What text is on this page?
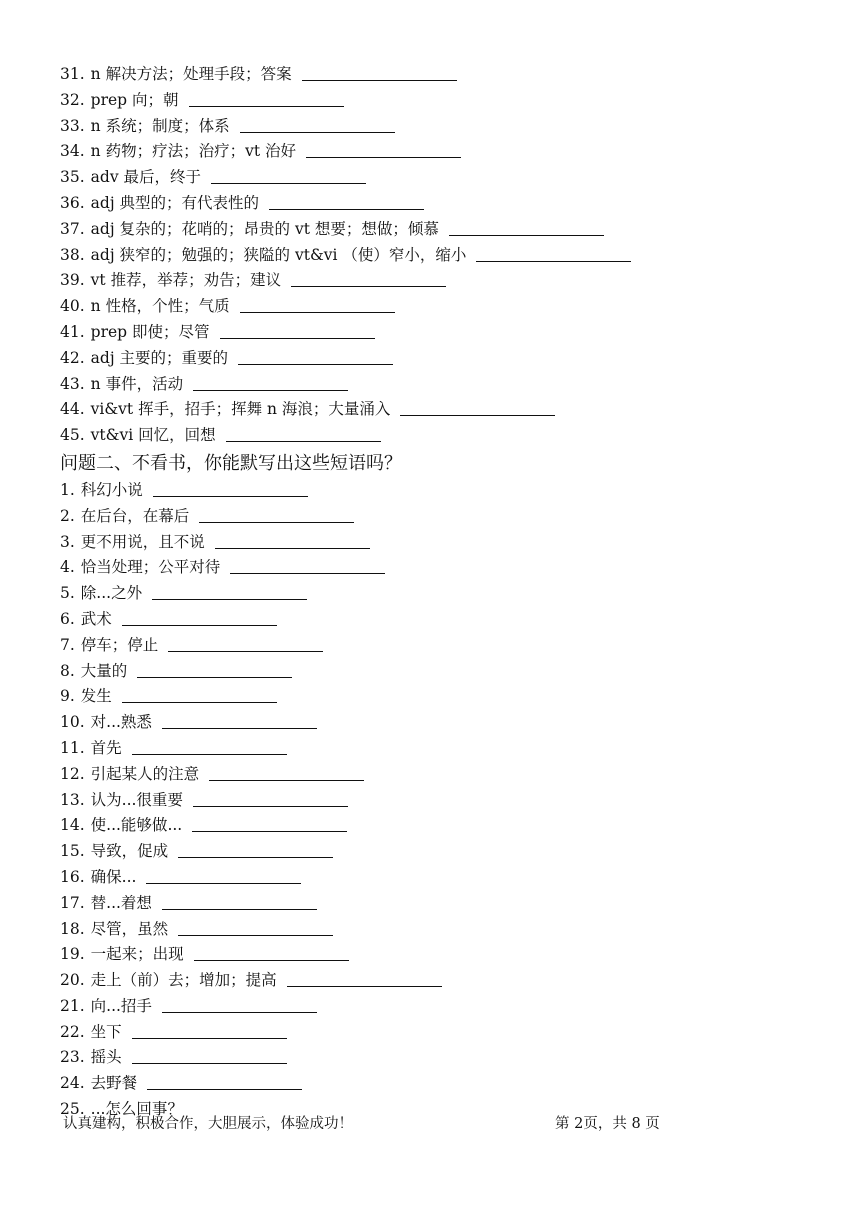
31. n 解决方法；处理手段；答案
32. prep 向；朝
33. n 系统；制度；体系
34. n 药物；疗法；治疗；vt 治好
35. adv 最后，终于
36. adj 典型的；有代表性的
37. adj 复杂的；花哨的；昂贵的 vt 想要；想做；倾慕
38. adj 狭窄的；勉强的；狭隘的 vt&vi （使）窄小，缩小
39. vt 推荐，举荐；劝告；建议
40. n 性格，个性；气质
41. prep 即使；尽管
42. adj 主要的；重要的
43. n 事件，活动
44. vi&vt 挥手，招手；挥舞 n 海浪；大量涌入
45. vt&vi 回忆，回想
问题二、不看书，你能默写出这些短语吗？
1. 科幻小说
2. 在后台，在幕后
3. 更不用说，且不说
4. 恰当处理；公平对待
5. 除...之外
6. 武术
7. 停车；停止
8. 大量的
9. 发生
10. 对...熟悉
11. 首先
12. 引起某人的注意
13. 认为...很重要
14. 使...能够做...
15. 导致，促成
16. 确保...
17. 替...着想
18. 尽管，虽然
19. 一起来；出现
20. 走上（前）去；增加；提高
21. 向...招手
22. 坐下
23. 摇头
24. 去野餐
25. ...怎么回事？
认真建构，积极合作，大胆展示，体验成功！	第 2页，共 8 页
